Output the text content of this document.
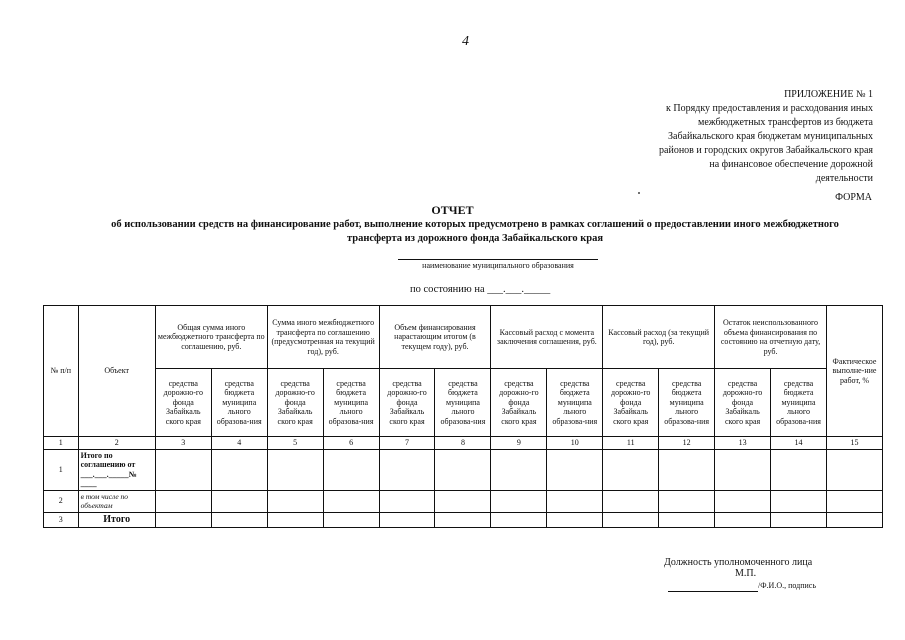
4
ПРИЛОЖЕНИЕ № 1
к Порядку предоставления и расходования иных
межбюджетных трансфертов из бюджета
Забайкальского края бюджетам муниципальных
районов и городских округов Забайкальского края
на финансовое обеспечение дорожной
деятельности
ФОРМА
ОТЧЕТ
об использовании средств на финансирование работ, выполнение которых предусмотрено в рамках соглашений о предоставлении иного межбюджетного трансферта из дорожного фонда Забайкальского края
наименование муниципального образования
по состоянию на ___.___._____
№ п/п	Объект	Общая сумма иного межбюджетного трансферта по соглашению, руб.		Сумма иного межбюджетного трансферта по соглашению (предусмотренная на текущий год), руб.		Объем финансирования нарастающим итогом (в текущем году), руб.		Кассовый расход с момента заключения соглашения, руб.		Кассовый расход (за текущий год), руб.		Остаток неиспользованного объема финансирования по состоянию на отчетную дату, руб.		Фактическое выполне-ние работ, %
		средства дорожно-го фонда Забайкаль ского края	средства бюджета муниципа льного образова-ния	средства дорожно-го фонда Забайкаль ского края	средства бюджета муниципа льного образова-ния	средства дорожно-го фонда Забайкаль ского края	средства бюджета муниципа льного образова-ния	средства дорожно-го фонда Забайкаль ского края	средства бюджета муниципа льного образова-ния	средства дорожно-го фонда Забайкаль ского края	средства бюджета муниципа льного образова-ния	средства дорожно-го фонда Забайкаль ского края	средства бюджета муниципа льного образова-ния	
1	2	3	4	5	6	7	8	9	10	11	12	13	14	15
1	Итого по соглашению от ___.___._____№ ____													
2	в том числе по объектам													
3	Итого													
Должность уполномоченного лица
М.П.
/Ф.И.О., подпись
